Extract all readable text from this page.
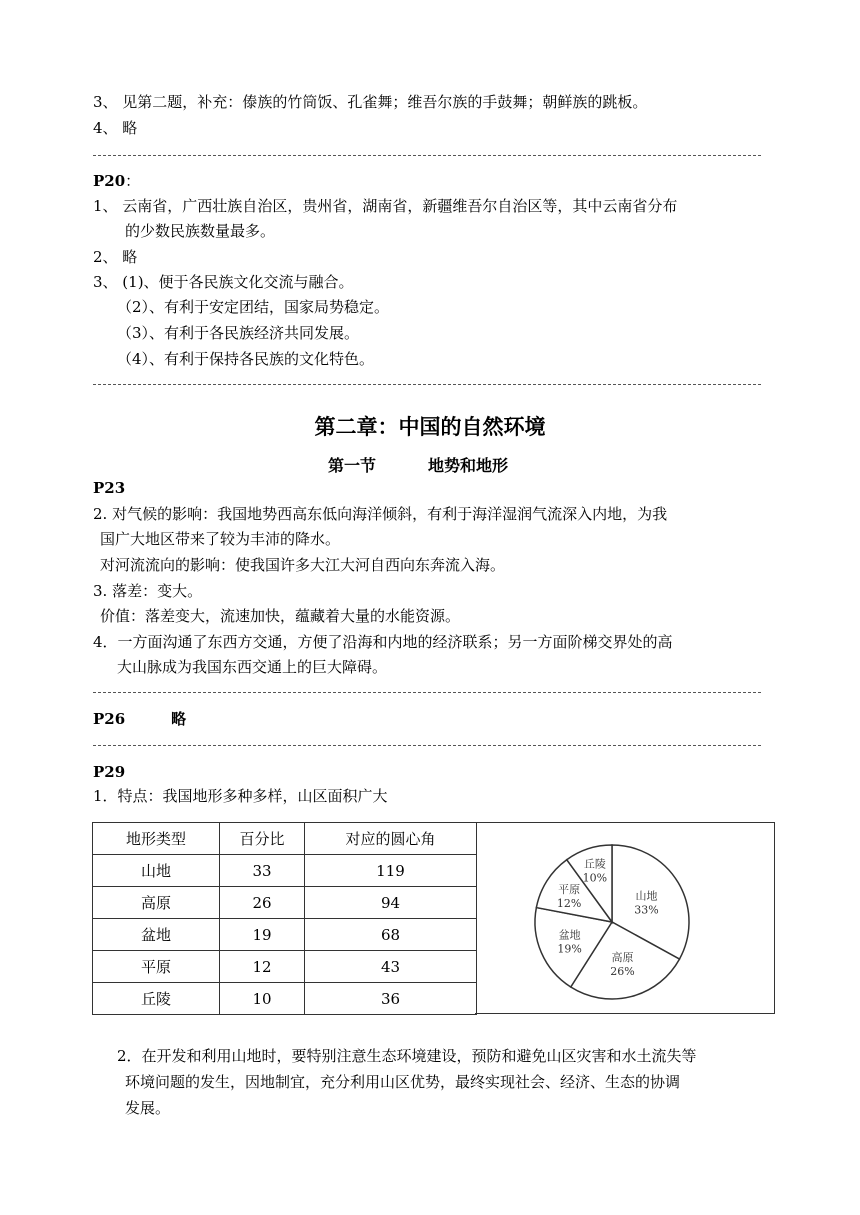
3、 见第二题，补充：傣族的竹筒饭、孔雀舞；维吾尔族的手鼓舞；朝鲜族的跳板。
4、 略
P20：
1、 云南省，广西壮族自治区，贵州省，湖南省，新疆维吾尔自治区等，其中云南省分布
的少数民族数量最多。
2、 略
3、 (1)、便于各民族文化交流与融合。
（2）、有利于安定团结，国家局势稳定。
（3）、有利于各民族经济共同发展。
（4）、有利于保持各民族的文化特色。
第二章：中国的自然环境
第一节	地势和地形
P23
2. 对气候的影响：我国地势西高东低向海洋倾斜，有利于海洋湿润气流深入内地，为我
国广大地区带来了较为丰沛的降水。
对河流流向的影响：使我国许多大江大河自西向东奔流入海。
3. 落差：变大。
价值：落差变大，流速加快，蕴藏着大量的水能资源。
4．一方面沟通了东西方交通，方便了沿海和内地的经济联系；另一方面阶梯交界处的高
大山脉成为我国东西交通上的巨大障碍。
P26	略
P29
1．特点：我国地形多种多样，山区面积广大
地形类型	百分比	对应的圆心角
山地	33	119
高原	26	94
盆地	19	68
平原	12	43
丘陵	10	36
山地
33%
高原
26%
盆地
19%
平原
12%
丘陵
10%
2．在开发和利用山地时，要特别注意生态环境建设，预防和避免山区灾害和水土流失等
环境问题的发生，因地制宜，充分利用山区优势，最终实现社会、经济、生态的协调
发展。
